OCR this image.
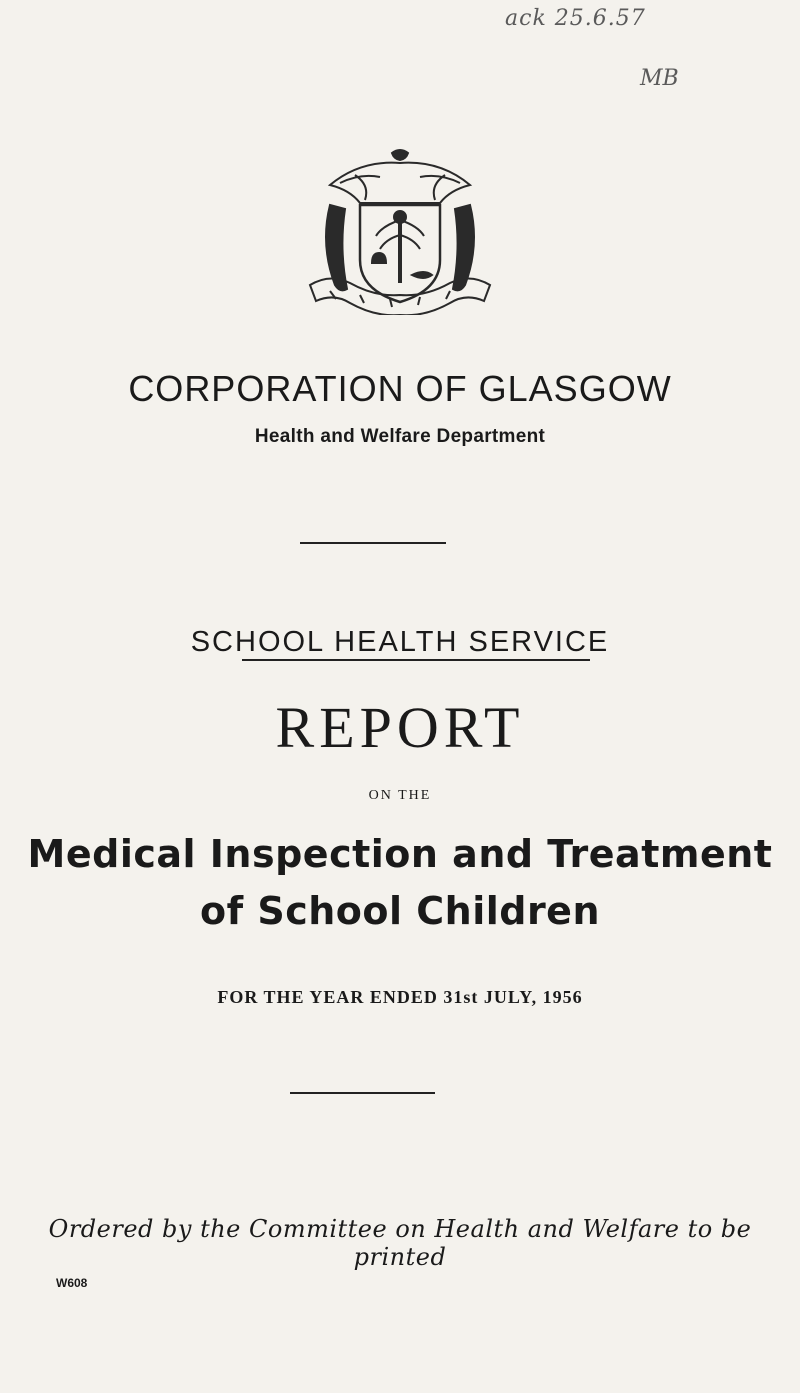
ack 25.6.57
MB
CORPORATION OF GLASGOW
Health and Welfare Department
SCHOOL HEALTH SERVICE
REPORT
ON THE
Medical Inspection and Treatment
of School Children
FOR THE YEAR ENDED 31st JULY, 1956
Ordered by the Committee on Health and Welfare to be printed
W608
